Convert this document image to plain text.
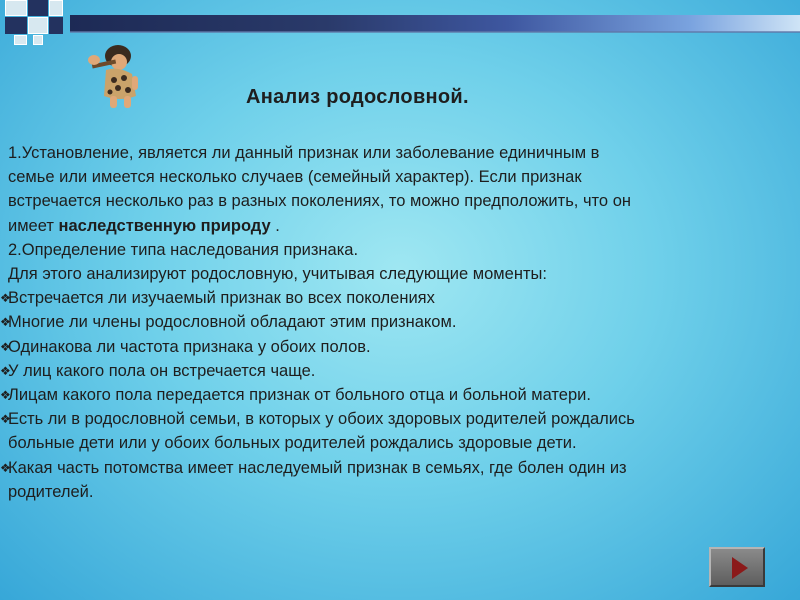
Анализ родословной.

1.Установление, является ли данный признак или заболевание единичным в

семье или имеется несколько случаев (семейный характер). Если признак

встречается несколько раз в разных поколениях, то можно предположить, что он

имеет наследственную природу .

2.Определение типа наследования признака.

Для этого анализируют родословную, учитывая следующие моменты:

❖
Встречается ли изучаемый признак во всех поколениях
❖
Многие ли члены родословной обладают этим признаком.
❖
Одинакова ли частота признака у обоих полов.
❖
У лиц какого пола он встречается чаще.
❖
Лицам какого пола передается признак от больного отца и больной матери.
❖
Есть ли в родословной семьи, в которых у обоих здоровых родителей рождались

больные дети или у обоих больных родителей рождались здоровые дети.

❖
Какая часть потомства имеет наследуемый признак в семьях, где болен один из

родителей.
